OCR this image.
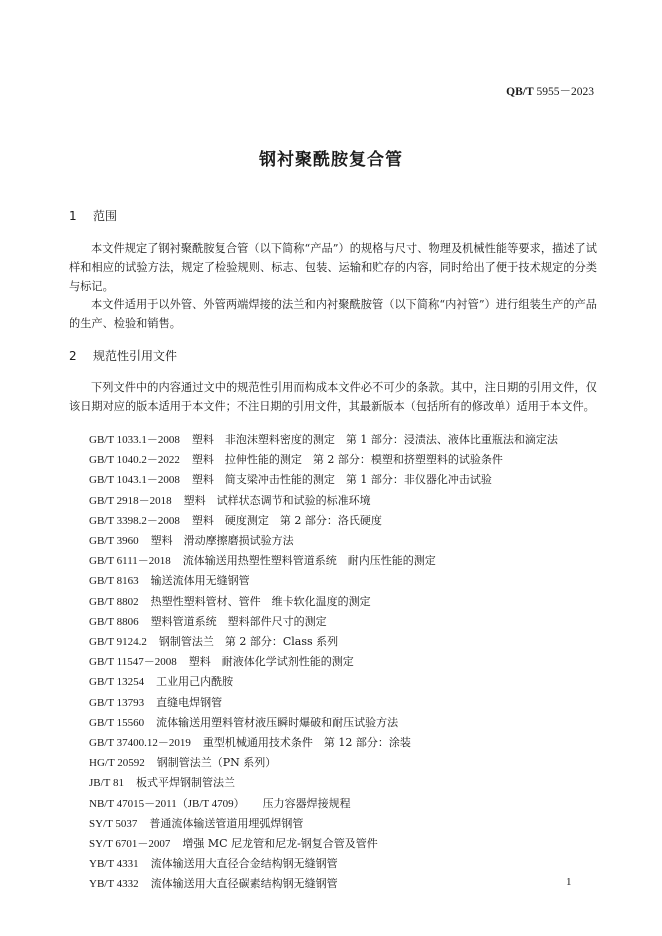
QB/T 5955－2023
钢衬聚酰胺复合管
1 范围
本文件规定了钢衬聚酰胺复合管（以下简称“产品”）的规格与尺寸、物理及机械性能等要求，描述了试样和相应的试验方法，规定了检验规则、标志、包装、运输和贮存的内容，同时给出了便于技术规定的分类与标记。
本文件适用于以外管、外管两端焊接的法兰和内衬聚酰胺管（以下简称“内衬管”）进行组装生产的产品的生产、检验和销售。
2 规范性引用文件
下列文件中的内容通过文中的规范性引用而构成本文件必不可少的条款。其中，注日期的引用文件，仅该日期对应的版本适用于本文件；不注日期的引用文件，其最新版本（包括所有的修改单）适用于本文件。
GB/T 1033.1－2008 塑料　非泡沫塑料密度的测定　第 1 部分：浸渍法、液体比重瓶法和滴定法
GB/T 1040.2－2022 塑料　拉伸性能的测定　第 2 部分：模塑和挤塑塑料的试验条件
GB/T 1043.1－2008 塑料　简支梁冲击性能的测定　第 1 部分：非仪器化冲击试验
GB/T 2918－2018 塑料　试样状态调节和试验的标准环境
GB/T 3398.2－2008 塑料　硬度测定　第 2 部分：洛氏硬度
GB/T 3960 塑料　滑动摩擦磨损试验方法
GB/T 6111－2018 流体输送用热塑性塑料管道系统　耐内压性能的测定
GB/T 8163 输送流体用无缝钢管
GB/T 8802 热塑性塑料管材、管件　维卡软化温度的测定
GB/T 8806 塑料管道系统　塑料部件尺寸的测定
GB/T 9124.2 钢制管法兰　第 2 部分：Class 系列
GB/T 11547－2008 塑料　耐液体化学试剂性能的测定
GB/T 13254 工业用己内酰胺
GB/T 13793 直缝电焊钢管
GB/T 15560 流体输送用塑料管材液压瞬时爆破和耐压试验方法
GB/T 37400.12－2019 重型机械通用技术条件　第 12 部分：涂装
HG/T 20592 钢制管法兰（PN 系列）
JB/T 81 板式平焊钢制管法兰
NB/T 47015－2011（JB/T 4709） 压力容器焊接规程
SY/T 5037 普通流体输送管道用埋弧焊钢管
SY/T 6701－2007 增强 MC 尼龙管和尼龙-钢复合管及管件
YB/T 4331 流体输送用大直径合金结构钢无缝钢管
YB/T 4332 流体输送用大直径碳素结构钢无缝钢管	1
